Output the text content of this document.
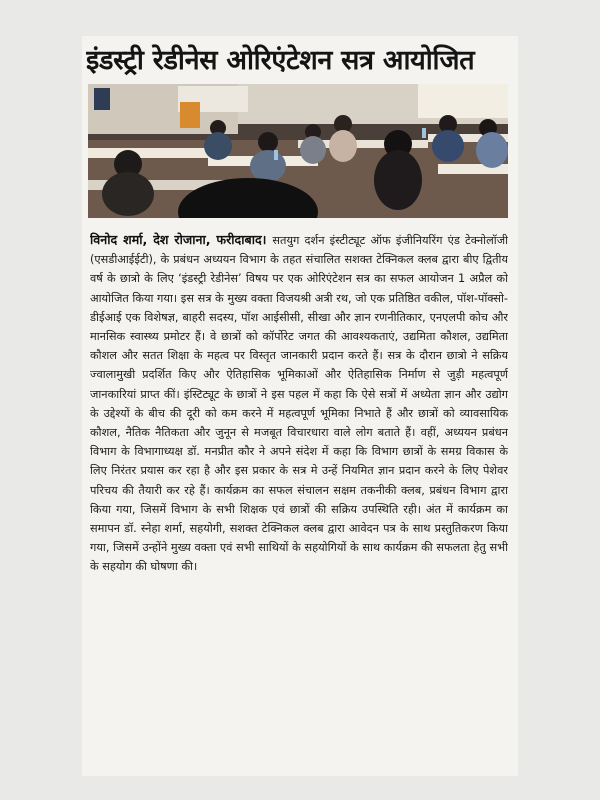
इंडस्ट्री रेडीनेस ओरिएंटेशन सत्र आयोजित
विनोद शर्मा, देश रोजाना, फरीदाबाद। सतयुग दर्शन इंस्टीट्यूट ऑफ इंजीनियरिंग एंड टेक्नोलॉजी (एसडीआईईटी), के प्रबंधन अध्ययन विभाग के तहत संचालित सशक्त टेक्निकल क्लब द्वारा बीए द्वितीय वर्ष के छात्रो के लिए ‘इंडस्ट्री रेडीनेस’ विषय पर एक ओरिएंटेशन सत्र का सफल आयोजन 1 अप्रैल को आयोजित किया गया। इस सत्र के मुख्य वक्ता विजयश्री अत्री रथ, जो एक प्रतिष्ठित वकील, पॉश-पॉक्सो-डीईआई एक विशेषज्ञ, बाहरी सदस्य, पॉश आईसीसी, सीखा और ज्ञान रणनीतिकार, एनएलपी कोच और मानसिक स्वास्थ्य प्रमोटर हैं। वे छात्रों को कॉर्पोरेट जगत की आवश्यकताएं, उद्यमिता कौशल, उद्यमिता कौशल और सतत शिक्षा के महत्व पर विस्तृत जानकारी प्रदान करते हैं। सत्र के दौरान छात्रो ने सक्रिय ज्वालामुखी प्रदर्शित किए और ऐतिहासिक भूमिकाओं और ऐतिहासिक निर्माण से जुड़ी महत्वपूर्ण जानकारियां प्राप्त कीं। इंस्टिट्यूट के छात्रों ने इस पहल में कहा कि ऐसे सत्रों में अध्येता ज्ञान और उद्योग के उद्देश्यों के बीच की दूरी को कम करने में महत्वपूर्ण भूमिका निभाते हैं और छात्रों को व्यावसायिक कौशल, नैतिक नैतिकता और जुनून से मजबूत विचारधारा वाले लोग बताते हैं। वहीं, अध्ययन प्रबंधन विभाग के विभागाध्यक्ष डॉ. मनप्रीत कौर ने अपने संदेश में कहा कि विभाग छात्रों के समग्र विकास के लिए निरंतर प्रयास कर रहा है और इस प्रकार के सत्र मे उन्हें नियमित ज्ञान प्रदान करने के लिए पेशेवर परिचय की तैयारी कर रहे हैं। कार्यक्रम का सफल संचालन सक्षम तकनीकी क्लब, प्रबंधन विभाग द्वारा किया गया, जिसमें विभाग के सभी शिक्षक एवं छात्रों की सक्रिय उपस्थिति रही। अंत में कार्यक्रम का समापन डॉ. स्नेहा शर्मा, सहयोगी, सशक्त टेक्निकल क्लब द्वारा आवेदन पत्र के साथ प्रस्तुतिकरण किया गया, जिसमें उन्होंने मुख्य वक्ता एवं सभी साथियों के सहयोगियों के साथ कार्यक्रम की सफलता हेतु सभी के सहयोग की घोषणा की।
